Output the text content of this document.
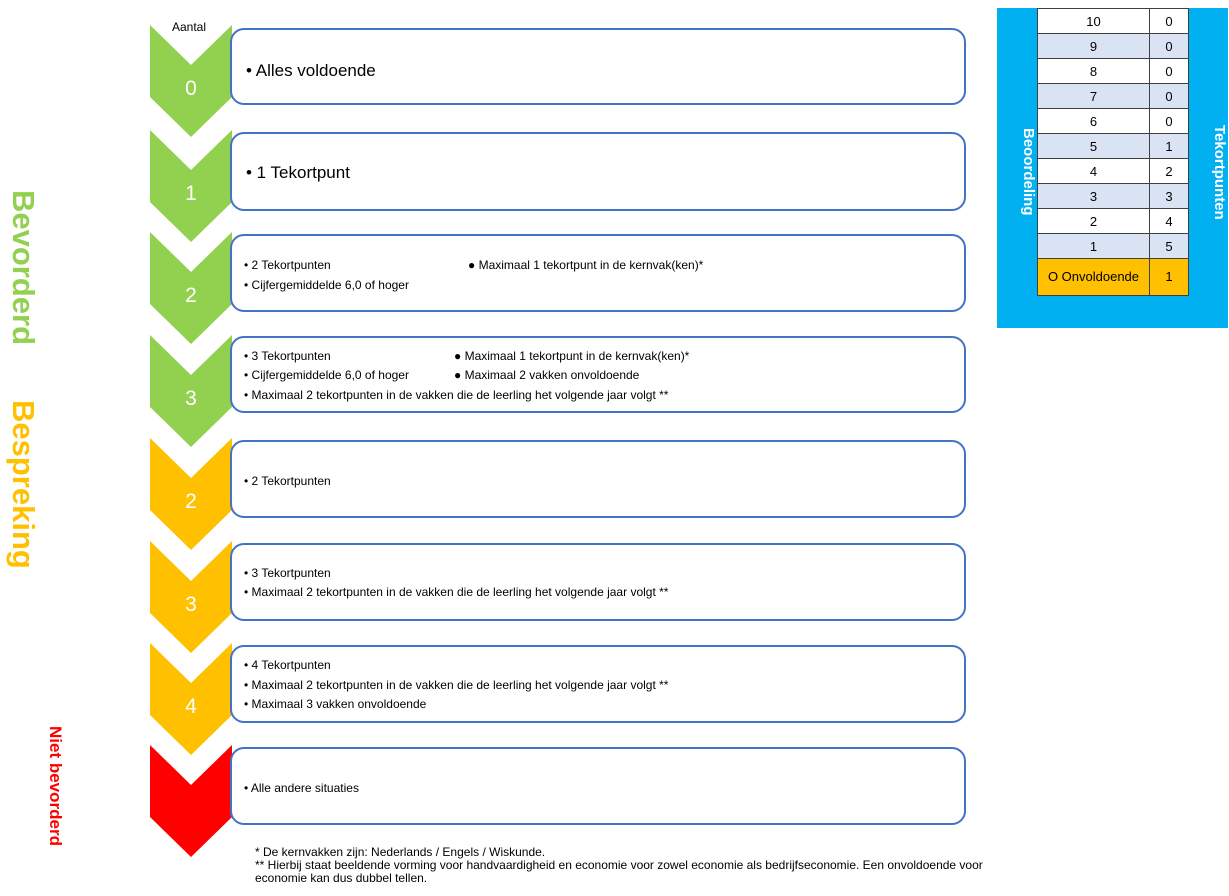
Bevorderd
Bespreking
Niet bevorderd
Aantal
0
1
2
3
2
3
4
• Alles voldoende
• 1 Tekortpunt
• 2 Tekortpunten	● Maximaal 1 tekortpunt in de kernvak(ken)*
• Cijfergemiddelde 6,0 of hoger
• 3 Tekortpunten	● Maximaal 1 tekortpunt in de kernvak(ken)*
• Cijfergemiddelde 6,0 of hoger	● Maximaal 2 vakken onvoldoende
• Maximaal 2 tekortpunten in de vakken die de leerling het volgende jaar volgt **
• 2 Tekortpunten
• 3 Tekortpunten
• Maximaal 2 tekortpunten in de vakken die de leerling het volgende jaar volgt **
• 4 Tekortpunten
• Maximaal 2 tekortpunten in de vakken die de leerling het volgende jaar volgt **
• Maximaal 3 vakken onvoldoende
• Alle andere situaties
* De kernvakken zijn: Nederlands / Engels / Wiskunde.
** Hierbij staat beeldende vorming voor handvaardigheid en economie voor zowel economie als bedrijfseconomie. Een onvoldoende voor economie kan dus dubbel tellen.
Beoordeling
10	0
9	0
8	0
7	0
6	0
5	1
4	2
3	3
2	4
1	5
O Onvoldoende	1
Tekortpunten
